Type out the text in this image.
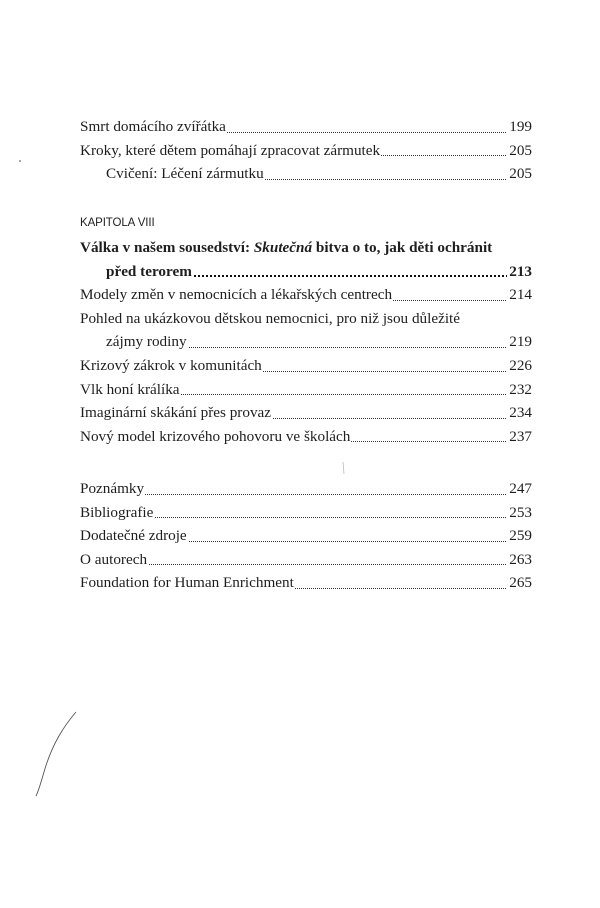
Smrt domácího zvířátka	199
Kroky, které dětem pomáhají zpracovat zármutek	205
Cvičení: Léčení zármutku	205
KAPITOLA VIII
Válka v našem sousedství: Skutečná bitva o to, jak děti ochránit
před terorem	213
Modely změn v nemocnicích a lékařských centrech	214
Pohled na ukázkovou dětskou nemocnici, pro niž jsou důležité
zájmy rodiny	219
Krizový zákrok v komunitách	226
Vlk honí králíka	232
Imaginární skákání přes provaz	234
Nový model krizového pohovoru ve školách	237
Poznámky	247
Bibliografie	253
Dodatečné zdroje	259
O autorech	263
Foundation for Human Enrichment	265
